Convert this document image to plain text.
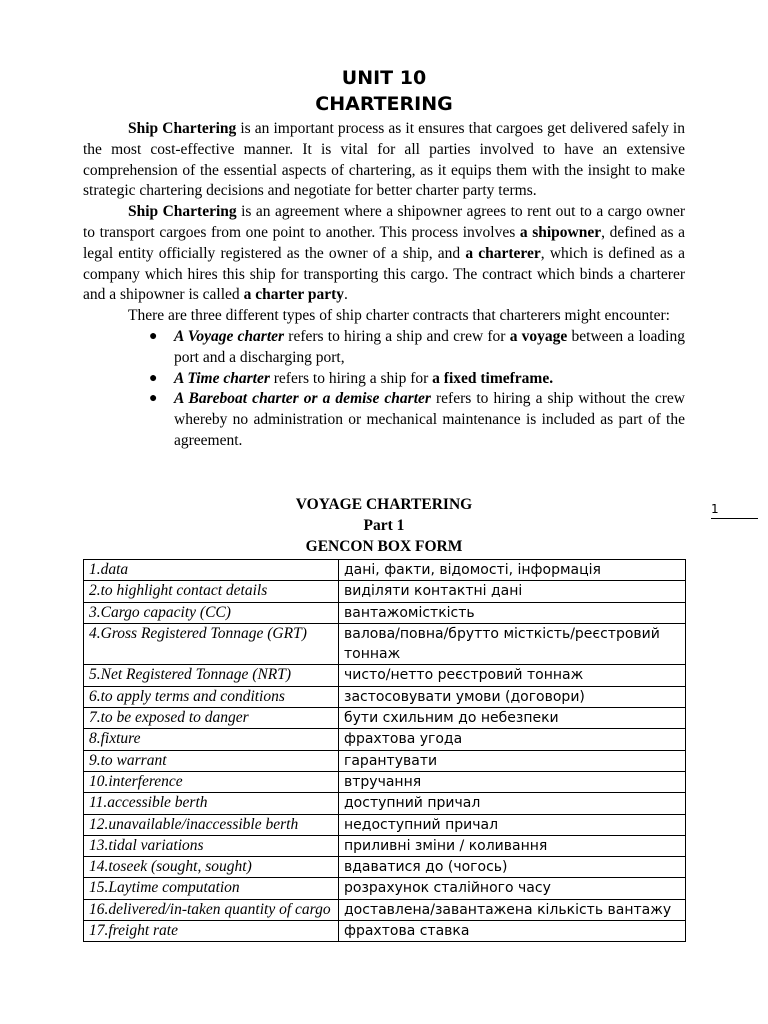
UNIT 10
CHARTERING

Ship Chartering is an important process as it ensures that cargoes get delivered safely in the most cost-effective manner. It is vital for all parties involved to have an extensive comprehension of the essential aspects of chartering, as it equips them with the insight to make strategic chartering decisions and negotiate for better charter party terms.

Ship Chartering is an agreement where a shipowner agrees to rent out to a cargo owner to transport cargoes from one point to another. This process involves a shipowner, defined as a legal entity officially registered as the owner of a ship, and a charterer, which is defined as a company which hires this ship for transporting this cargo. The contract which binds a charterer and a shipowner is called a charter party.

There are three different types of ship charter contracts that charterers might encounter:

● A Voyage charter refers to hiring a ship and crew for a voyage between a loading port and a discharging port,
● A Time charter refers to hiring a ship for a fixed timeframe.
● A Bareboat charter or a demise charter refers to hiring a ship without the crew whereby no administration or mechanical maintenance is included as part of the agreement.
VOYAGE CHARTERING
Part 1
GENCON BOX FORM
1.data	дані, факти, відомості, інформація
2.to highlight contact details	виділяти контактні дані
3.Cargo capacity (CC)	вантажомісткість
4.Gross Registered Tonnage (GRT)	валова/повна/брутто місткість/реєстровий тоннаж
5.Net Registered Tonnage (NRT)	чисто/нетто реєстровий тоннаж
6.to apply terms and conditions	застосовувати умови (договори)
7.to be exposed to danger	бути схильним до небезпеки
8.fixture	фрахтова угода
9.to warrant	гарантувати
10.interference	втручання
11.accessible berth	доступний причал
12.unavailable/inaccessible berth	недоступний причал
13.tidal variations	приливні зміни / коливання
14.toseek (sought, sought)	вдаватися до (чогось)
15.Laytime computation	розрахунок сталійного часу
16.delivered/in-taken quantity of cargo	доставлена/завантажена кількість вантажу
17.freight rate	фрахтова ставка
1
